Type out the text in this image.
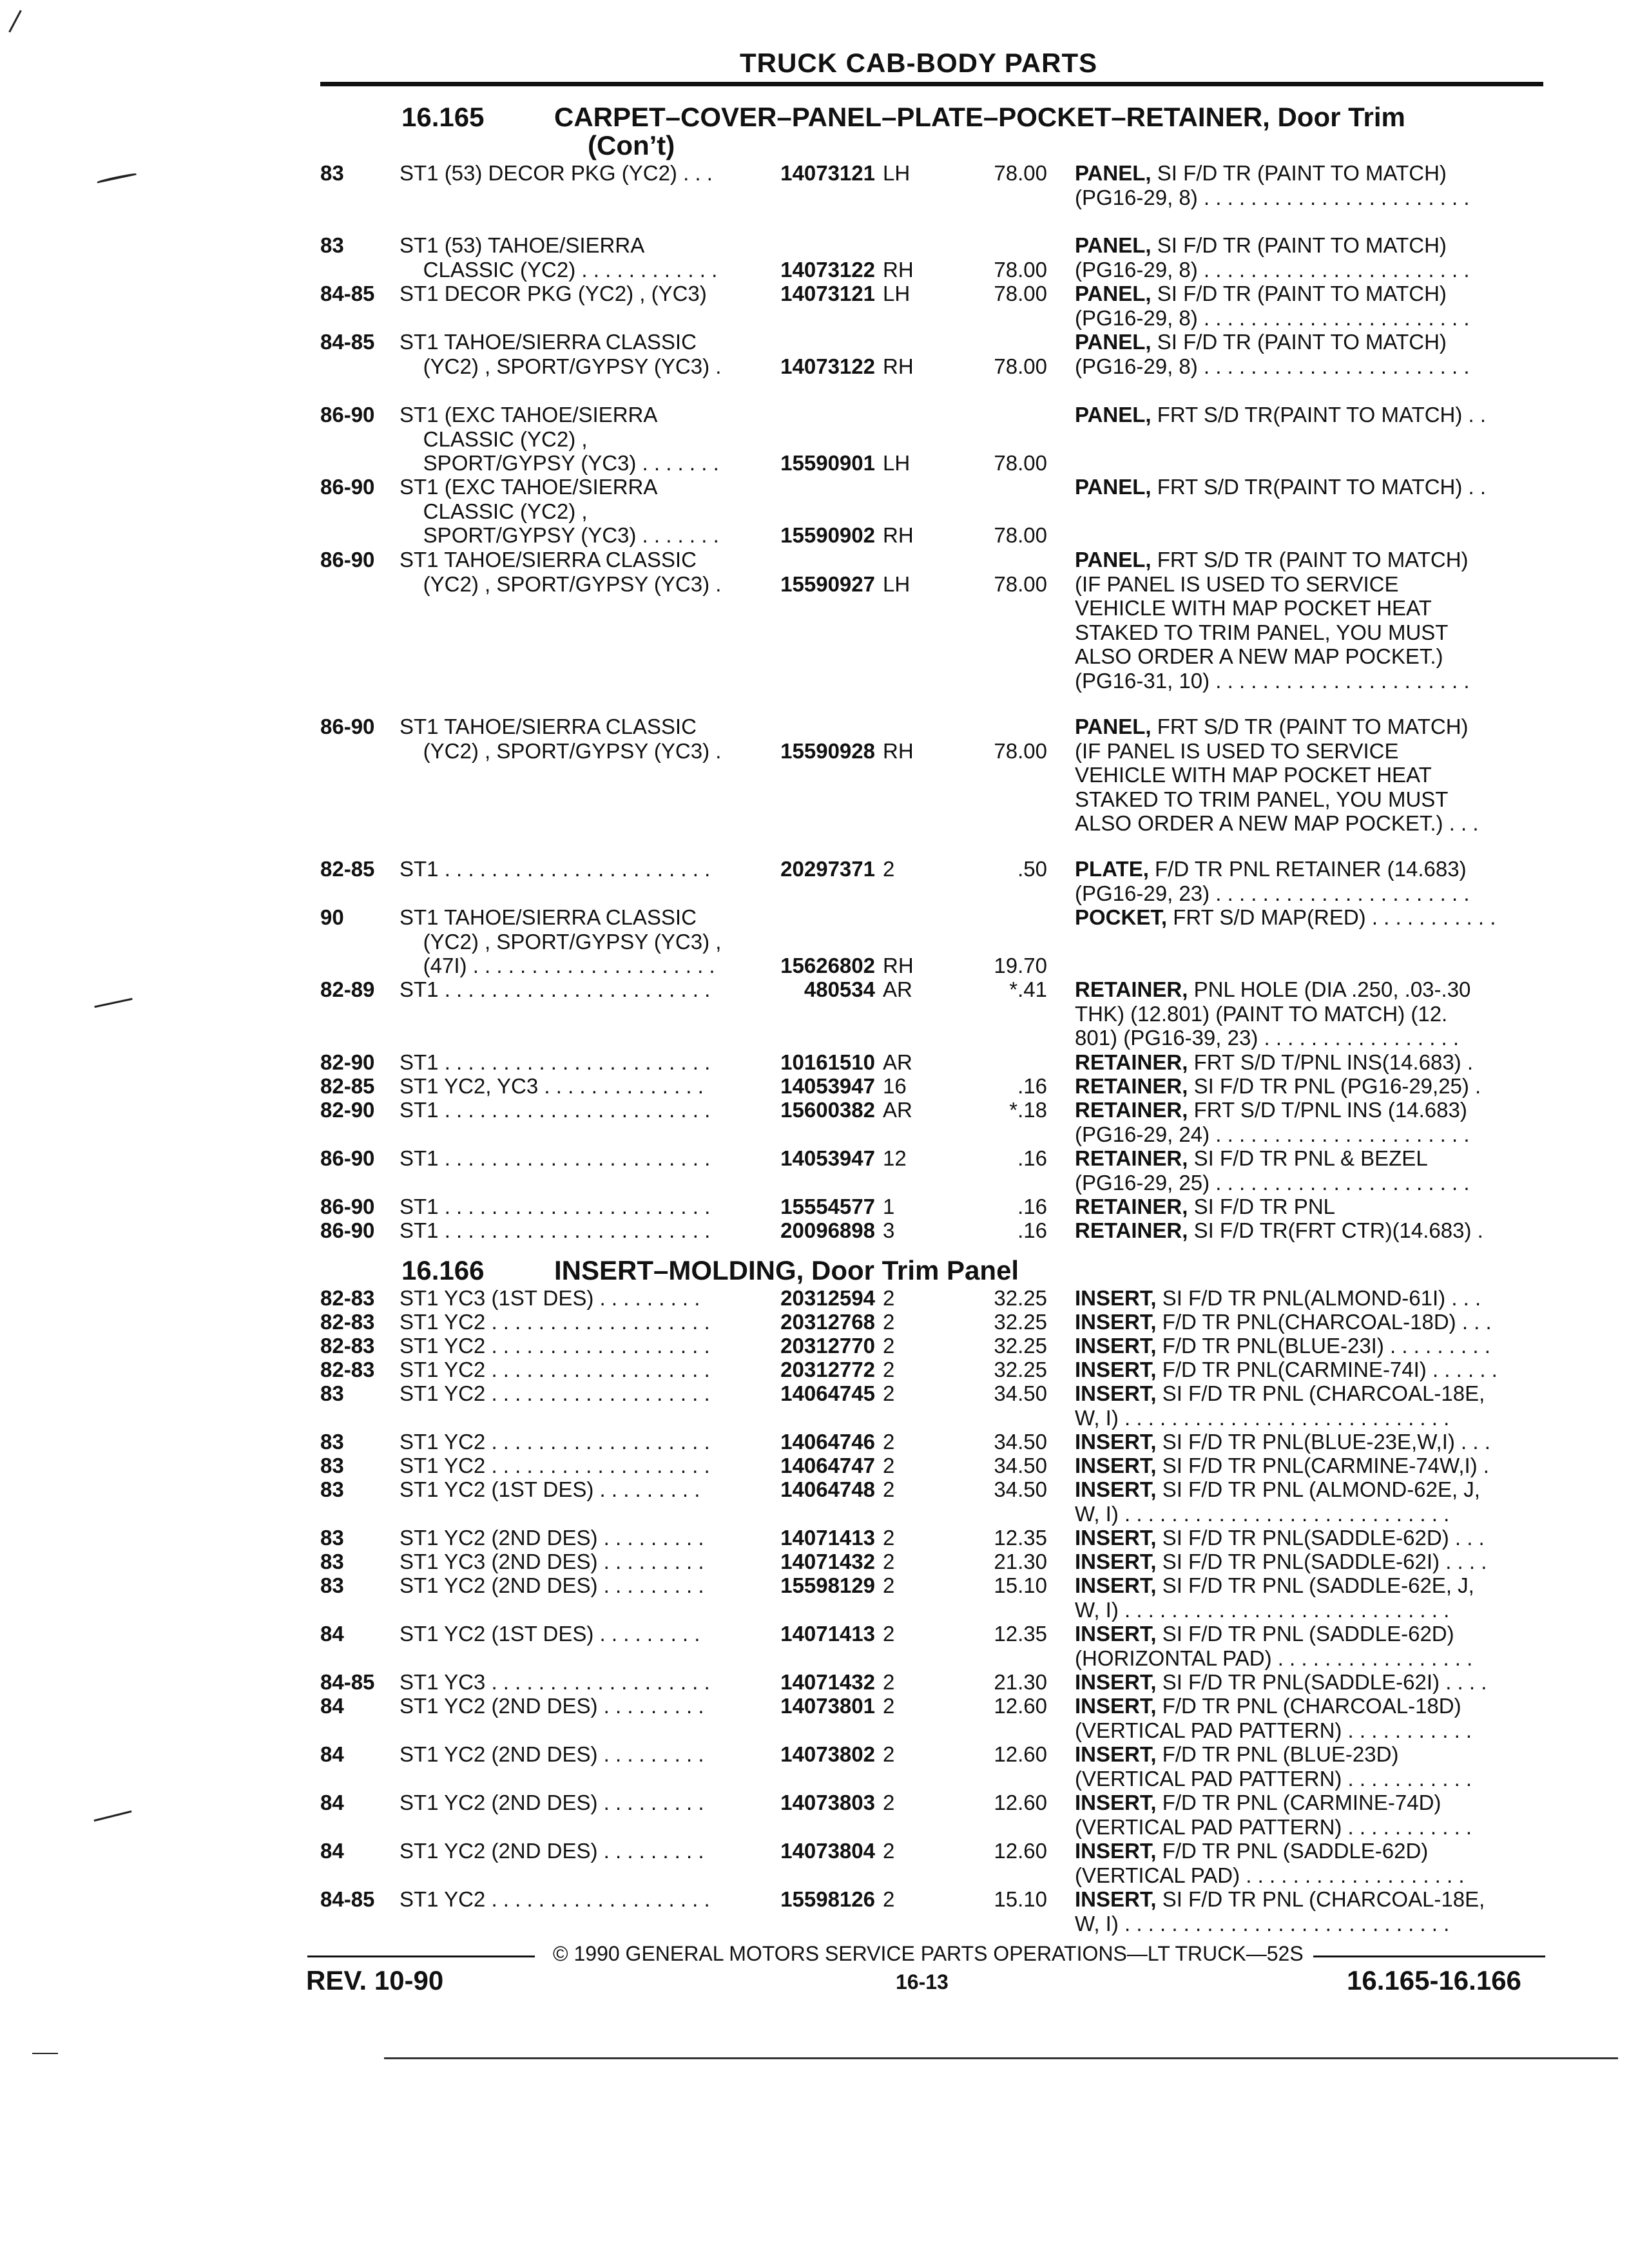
TRUCK CAB-BODY PARTS
16.165	CARPET–COVER–PANEL–PLATE–POCKET–RETAINER, Door Trim
(Con’t)
83	ST1 (53) DECOR PKG (YC2) . . .	14073121 LH	78.00 PANEL, SI F/D TR (PAINT TO MATCH)
(PG16-29, 8) . . . . . . . . . . . . . . . . . . . . . . .
83	ST1 (53) TAHOE/SIERRA
CLASSIC (YC2) . . . . . . . . . . . .	14073122 RH	78.00
PANEL, SI F/D TR (PAINT TO MATCH)
(PG16-29, 8) . . . . . . . . . . . . . . . . . . . . . . .
84-85 ST1 DECOR PKG (YC2) , (YC3)	14073121 LH	78.00 PANEL, SI F/D TR (PAINT TO MATCH)
(PG16-29, 8) . . . . . . . . . . . . . . . . . . . . . . .
84-85 ST1 TAHOE/SIERRA CLASSIC
(YC2) , SPORT/GYPSY (YC3) .	14073122 RH	78.00
PANEL, SI F/D TR (PAINT TO MATCH)
(PG16-29, 8) . . . . . . . . . . . . . . . . . . . . . . .
86-90 ST1 (EXC TAHOE/SIERRA
CLASSIC (YC2) ,
SPORT/GYPSY (YC3) . . . . . . .	15590901 LH	78.00
PANEL, FRT S/D TR(PAINT TO MATCH) . .
86-90 ST1 (EXC TAHOE/SIERRA
CLASSIC (YC2) ,
SPORT/GYPSY (YC3) . . . . . . .	15590902 RH	78.00
PANEL, FRT S/D TR(PAINT TO MATCH) . .
86-90 ST1 TAHOE/SIERRA CLASSIC
(YC2) , SPORT/GYPSY (YC3) .	15590927 LH	78.00
PANEL, FRT S/D TR (PAINT TO MATCH)
(IF PANEL IS USED TO SERVICE
VEHICLE WITH MAP POCKET HEAT
STAKED TO TRIM PANEL, YOU MUST
ALSO ORDER A NEW MAP POCKET.)
(PG16-31, 10) . . . . . . . . . . . . . . . . . . . . . .
86-90 ST1 TAHOE/SIERRA CLASSIC
(YC2) , SPORT/GYPSY (YC3) .	15590928 RH	78.00
PANEL, FRT S/D TR (PAINT TO MATCH)
(IF PANEL IS USED TO SERVICE
VEHICLE WITH MAP POCKET HEAT
STAKED TO TRIM PANEL, YOU MUST
ALSO ORDER A NEW MAP POCKET.) . . .
82-85 ST1 . . . . . . . . . . . . . . . . . . . . . . .	20297371 2	.50 PLATE, F/D TR PNL RETAINER (14.683)
(PG16-29, 23) . . . . . . . . . . . . . . . . . . . . . .
90	ST1 TAHOE/SIERRA CLASSIC
(YC2) , SPORT/GYPSY (YC3) ,
(47I) . . . . . . . . . . . . . . . . . . . . .	15626802 RH	19.70
POCKET, FRT S/D MAP(RED) . . . . . . . . . . .
82-89 ST1 . . . . . . . . . . . . . . . . . . . . . . .	480534 AR	*.41 RETAINER, PNL HOLE (DIA .250, .03-.30
THK) (12.801) (PAINT TO MATCH) (12.
801) (PG16-39, 23) . . . . . . . . . . . . . . . . .
82-90 ST1 . . . . . . . . . . . . . . . . . . . . . . .	10161510 AR	RETAINER, FRT S/D T/PNL INS(14.683) .
82-85 ST1 YC2, YC3 . . . . . . . . . . . . . .	14053947 16	.16 RETAINER, SI F/D TR PNL (PG16-29,25) .
82-90 ST1 . . . . . . . . . . . . . . . . . . . . . . .	15600382 AR	*.18 RETAINER, FRT S/D T/PNL INS (14.683)
(PG16-29, 24) . . . . . . . . . . . . . . . . . . . . . .
86-90 ST1 . . . . . . . . . . . . . . . . . . . . . . .	14053947 12	.16 RETAINER, SI F/D TR PNL & BEZEL
(PG16-29, 25) . . . . . . . . . . . . . . . . . . . . . .
86-90 ST1 . . . . . . . . . . . . . . . . . . . . . . .	15554577 1	.16 RETAINER, SI F/D TR PNL
86-90 ST1 . . . . . . . . . . . . . . . . . . . . . . .	20096898 3	.16 RETAINER, SI F/D TR(FRT CTR)(14.683) .
16.166	INSERT–MOLDING, Door Trim Panel
82-83 ST1 YC3 (1ST DES) . . . . . . . . .	20312594 2	32.25 INSERT, SI F/D TR PNL(ALMOND-61I) . . .
82-83 ST1 YC2 . . . . . . . . . . . . . . . . . . .	20312768 2	32.25 INSERT, F/D TR PNL(CHARCOAL-18D) . . .
82-83 ST1 YC2 . . . . . . . . . . . . . . . . . . .	20312770 2	32.25 INSERT, F/D TR PNL(BLUE-23I) . . . . . . . . .
82-83 ST1 YC2 . . . . . . . . . . . . . . . . . . .	20312772 2	32.25 INSERT, F/D TR PNL(CARMINE-74I) . . . . . .
83	ST1 YC2 . . . . . . . . . . . . . . . . . . .	14064745 2	34.50 INSERT, SI F/D TR PNL (CHARCOAL-18E,
W, I) . . . . . . . . . . . . . . . . . . . . . . . . . . . .
83	ST1 YC2 . . . . . . . . . . . . . . . . . . .	14064746 2	34.50 INSERT, SI F/D TR PNL(BLUE-23E,W,I) . . .
83	ST1 YC2 . . . . . . . . . . . . . . . . . . .	14064747 2	34.50 INSERT, SI F/D TR PNL(CARMINE-74W,I) .
83	ST1 YC2 (1ST DES) . . . . . . . . .	14064748 2	34.50 INSERT, SI F/D TR PNL (ALMOND-62E, J,
W, I) . . . . . . . . . . . . . . . . . . . . . . . . . . . .
83	ST1 YC2 (2ND DES) . . . . . . . . .	14071413 2	12.35 INSERT, SI F/D TR PNL(SADDLE-62D) . . .
83	ST1 YC3 (2ND DES) . . . . . . . . .	14071432 2	21.30 INSERT, SI F/D TR PNL(SADDLE-62I) . . . .
83	ST1 YC2 (2ND DES) . . . . . . . . .	15598129 2	15.10 INSERT, SI F/D TR PNL (SADDLE-62E, J,
W, I) . . . . . . . . . . . . . . . . . . . . . . . . . . . .
84	ST1 YC2 (1ST DES) . . . . . . . . .	14071413 2	12.35 INSERT, SI F/D TR PNL (SADDLE-62D)
(HORIZONTAL PAD) . . . . . . . . . . . . . . . . .
84-85 ST1 YC3 . . . . . . . . . . . . . . . . . . .	14071432 2	21.30 INSERT, SI F/D TR PNL(SADDLE-62I) . . . .
84	ST1 YC2 (2ND DES) . . . . . . . . .	14073801 2	12.60 INSERT, F/D TR PNL (CHARCOAL-18D)
(VERTICAL PAD PATTERN) . . . . . . . . . . .
84	ST1 YC2 (2ND DES) . . . . . . . . .	14073802 2	12.60 INSERT, F/D TR PNL (BLUE-23D)
(VERTICAL PAD PATTERN) . . . . . . . . . . .
84	ST1 YC2 (2ND DES) . . . . . . . . .	14073803 2	12.60 INSERT, F/D TR PNL (CARMINE-74D)
(VERTICAL PAD PATTERN) . . . . . . . . . . .
84	ST1 YC2 (2ND DES) . . . . . . . . .	14073804 2	12.60 INSERT, F/D TR PNL (SADDLE-62D)
(VERTICAL PAD) . . . . . . . . . . . . . . . . . . .
84-85 ST1 YC2 . . . . . . . . . . . . . . . . . . .	15598126 2	15.10 INSERT, SI F/D TR PNL (CHARCOAL-18E,
W, I) . . . . . . . . . . . . . . . . . . . . . . . . . . . .
© 1990 GENERAL MOTORS SERVICE PARTS OPERATIONS—LT TRUCK—52S
REV. 10-90	16-13	16.165-16.166
